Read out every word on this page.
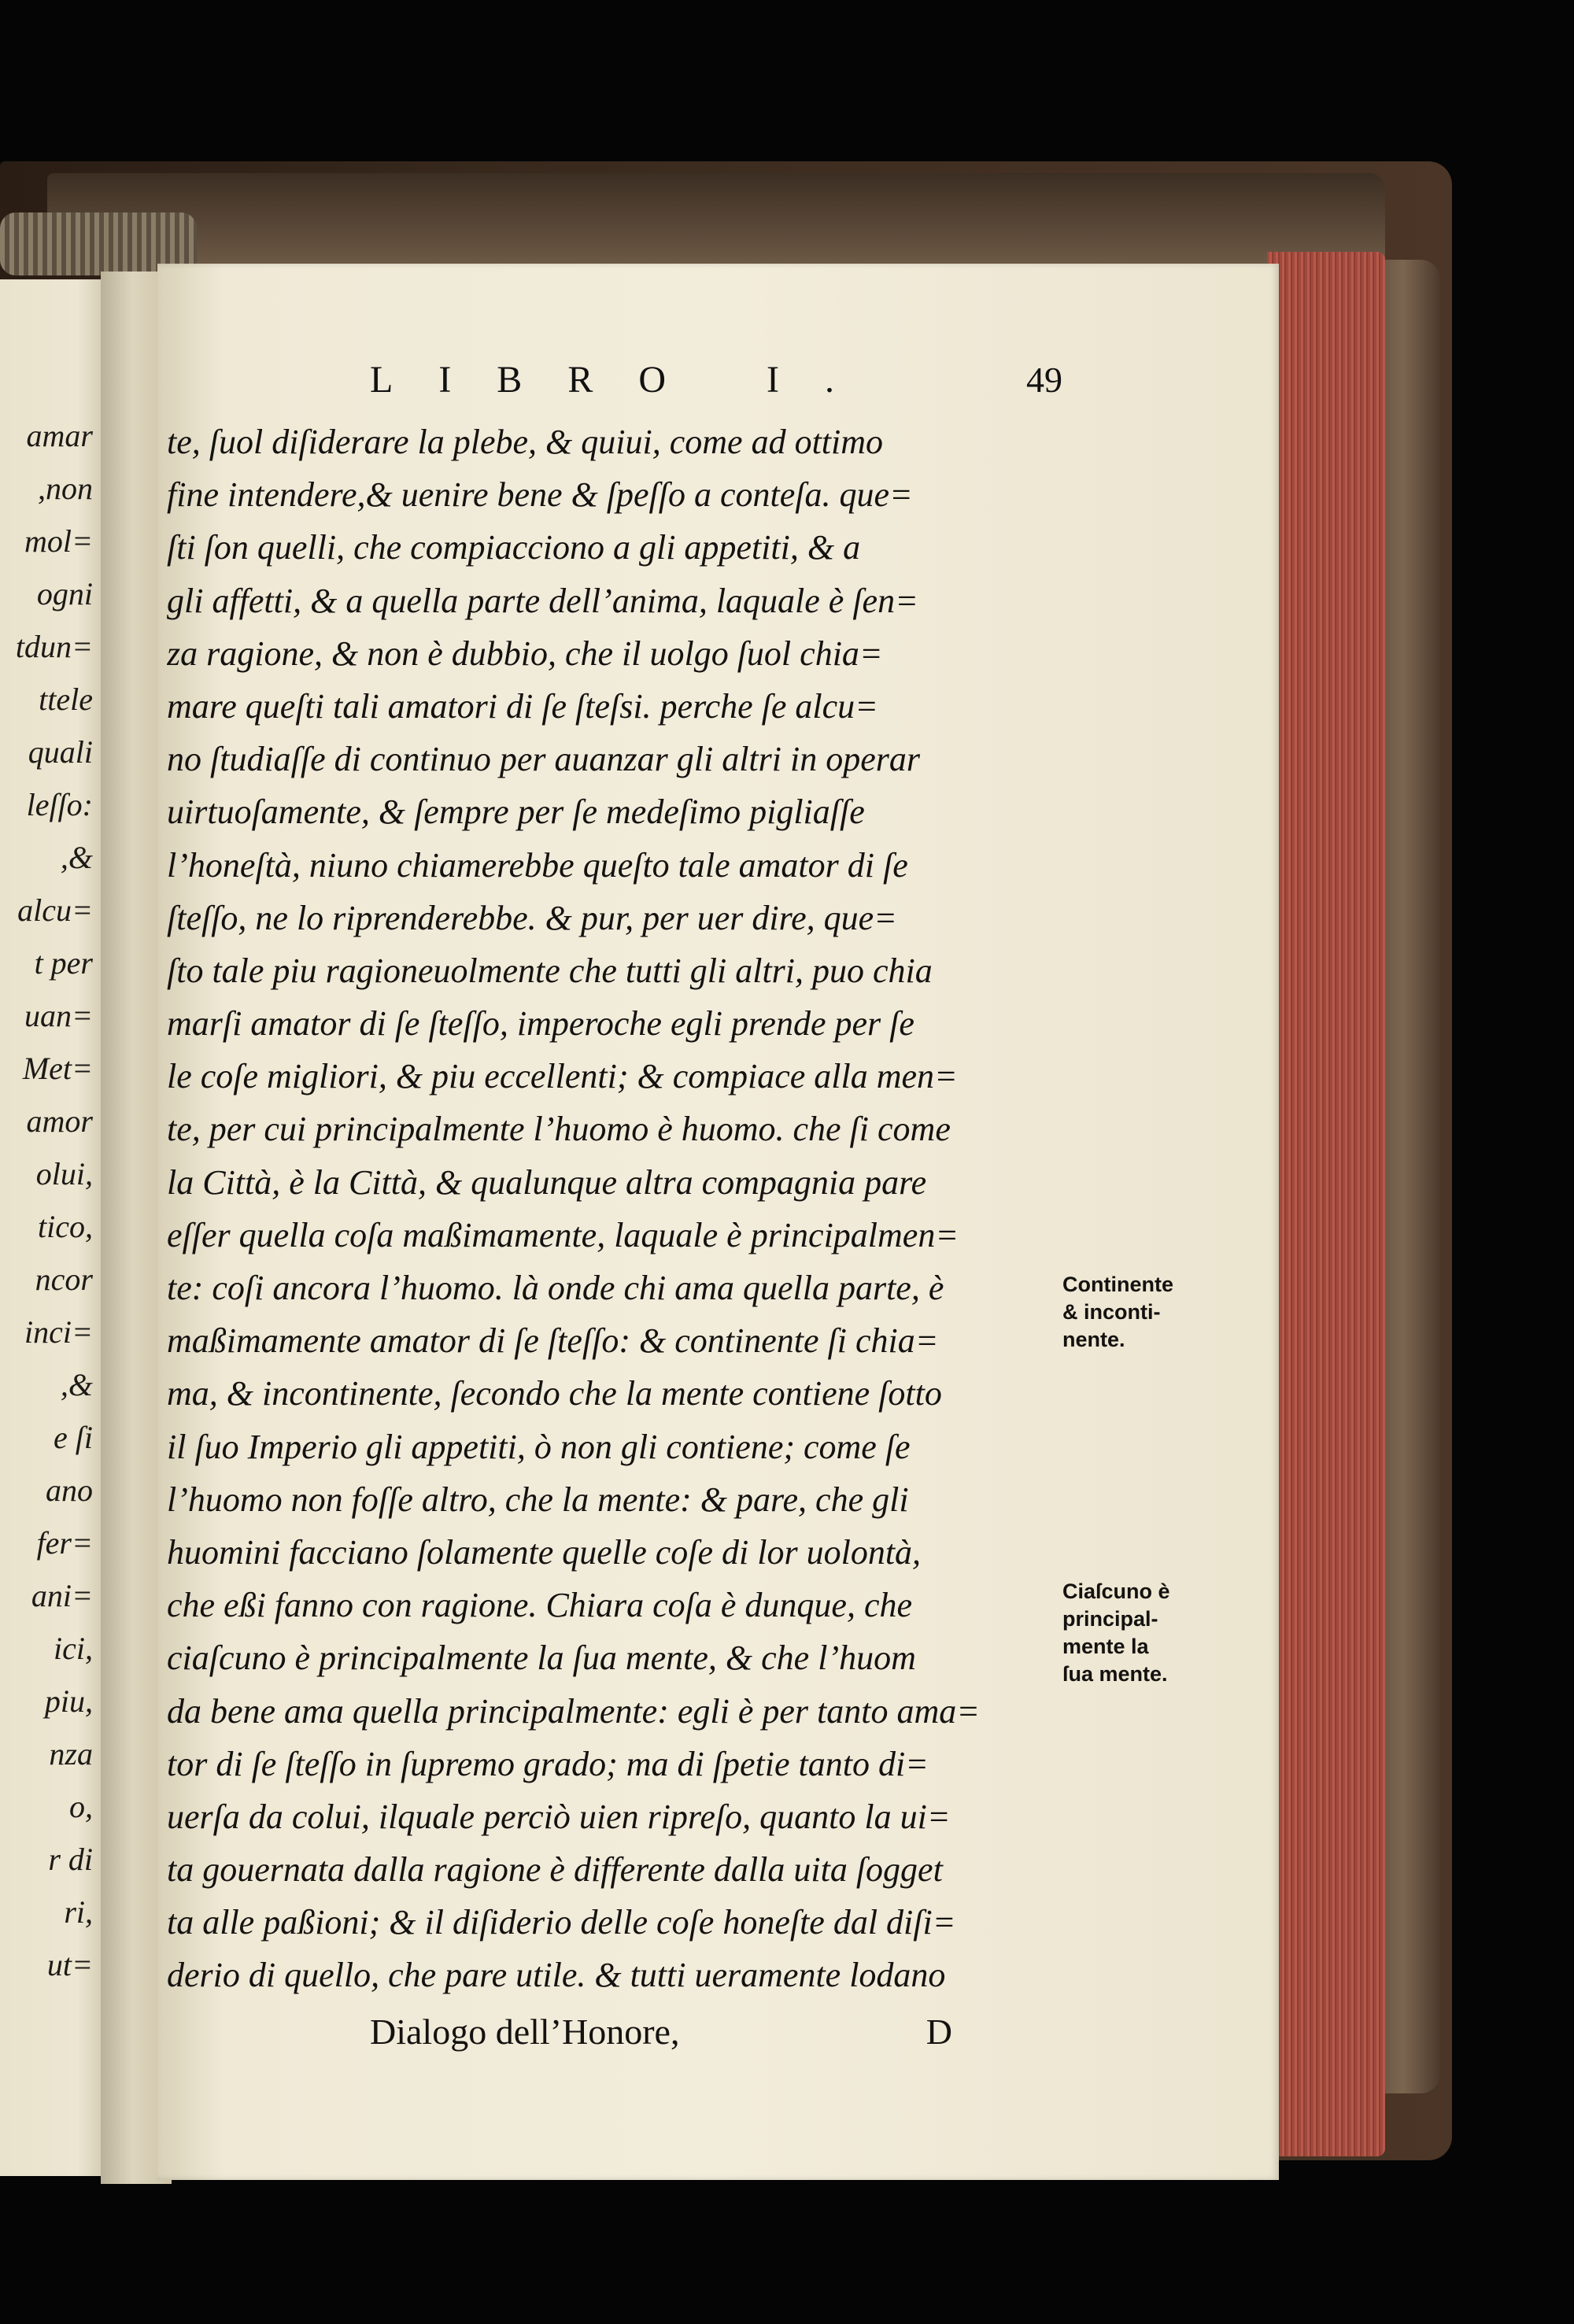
amar
,non
mol=
ogni
tdun=
ttele
quali
leſſo:
,&
alcu=
t per
uan=
Met=
amor
olui,
tico,
ncor
inci=
,&
e ſi
ano
fer=
ani=
ici,
piu,
nza
o,
r di
ri,
ut=
LIBRO I.	49
te, ſuol diſiderare la plebe, & quiui, come ad ottimo
fine intendere,& uenire bene & ſpeſſo a conteſa. que=
ſti ſon quelli, che compiacciono a gli appetiti, & a
gli affetti, & a quella parte dell’anima, laquale è ſen=
za ragione, & non è dubbio, che il uolgo ſuol chia=
mare queſti tali amatori di ſe ſteſsi. perche ſe alcu=
no ſtudiaſſe di continuo per auanzar gli altri in operar
uirtuoſamente, & ſempre per ſe medeſimo pigliaſſe
l’honeſtà, niuno chiamerebbe queſto tale amator di ſe
ſteſſo, ne lo riprenderebbe. & pur, per uer dire, que=
ſto tale piu ragioneuolmente che tutti gli altri, puo chia
marſi amator di ſe ſteſſo, imperoche egli prende per ſe
le coſe migliori, & piu eccellenti; & compiace alla men=
te, per cui principalmente l’huomo è huomo. che ſi come
la Città, è la Città, & qualunque altra compagnia pare
eſſer quella coſa maßimamente, laquale è principalmen=
te: coſi ancora l’huomo. là onde chi ama quella parte, è
maßimamente amator di ſe ſteſſo: & continente ſi chia=
ma, & incontinente, ſecondo che la mente contiene ſotto
il ſuo Imperio gli appetiti, ò non gli contiene; come ſe
l’huomo non foſſe altro, che la mente: & pare, che gli
huomini facciano ſolamente quelle coſe di lor uolontà,
che eßi fanno con ragione. Chiara coſa è dunque, che
ciaſcuno è principalmente la ſua mente, & che l’huom
da bene ama quella principalmente: egli è per tanto ama=
tor di ſe ſteſſo in ſupremo grado; ma di ſpetie tanto di=
uerſa da colui, ilquale perciò uien ripreſo, quanto la ui=
ta gouernata dalla ragione è differente dalla uita ſogget
ta alle paßioni; & il diſiderio delle coſe honeſte dal diſi=
derio di quello, che pare utile. & tutti ueramente lodano
Continente
& inconti-
nente.
Ciaſcuno è
principal-
mente la
ſua mente.
Dialogo dell’Honore,	D
